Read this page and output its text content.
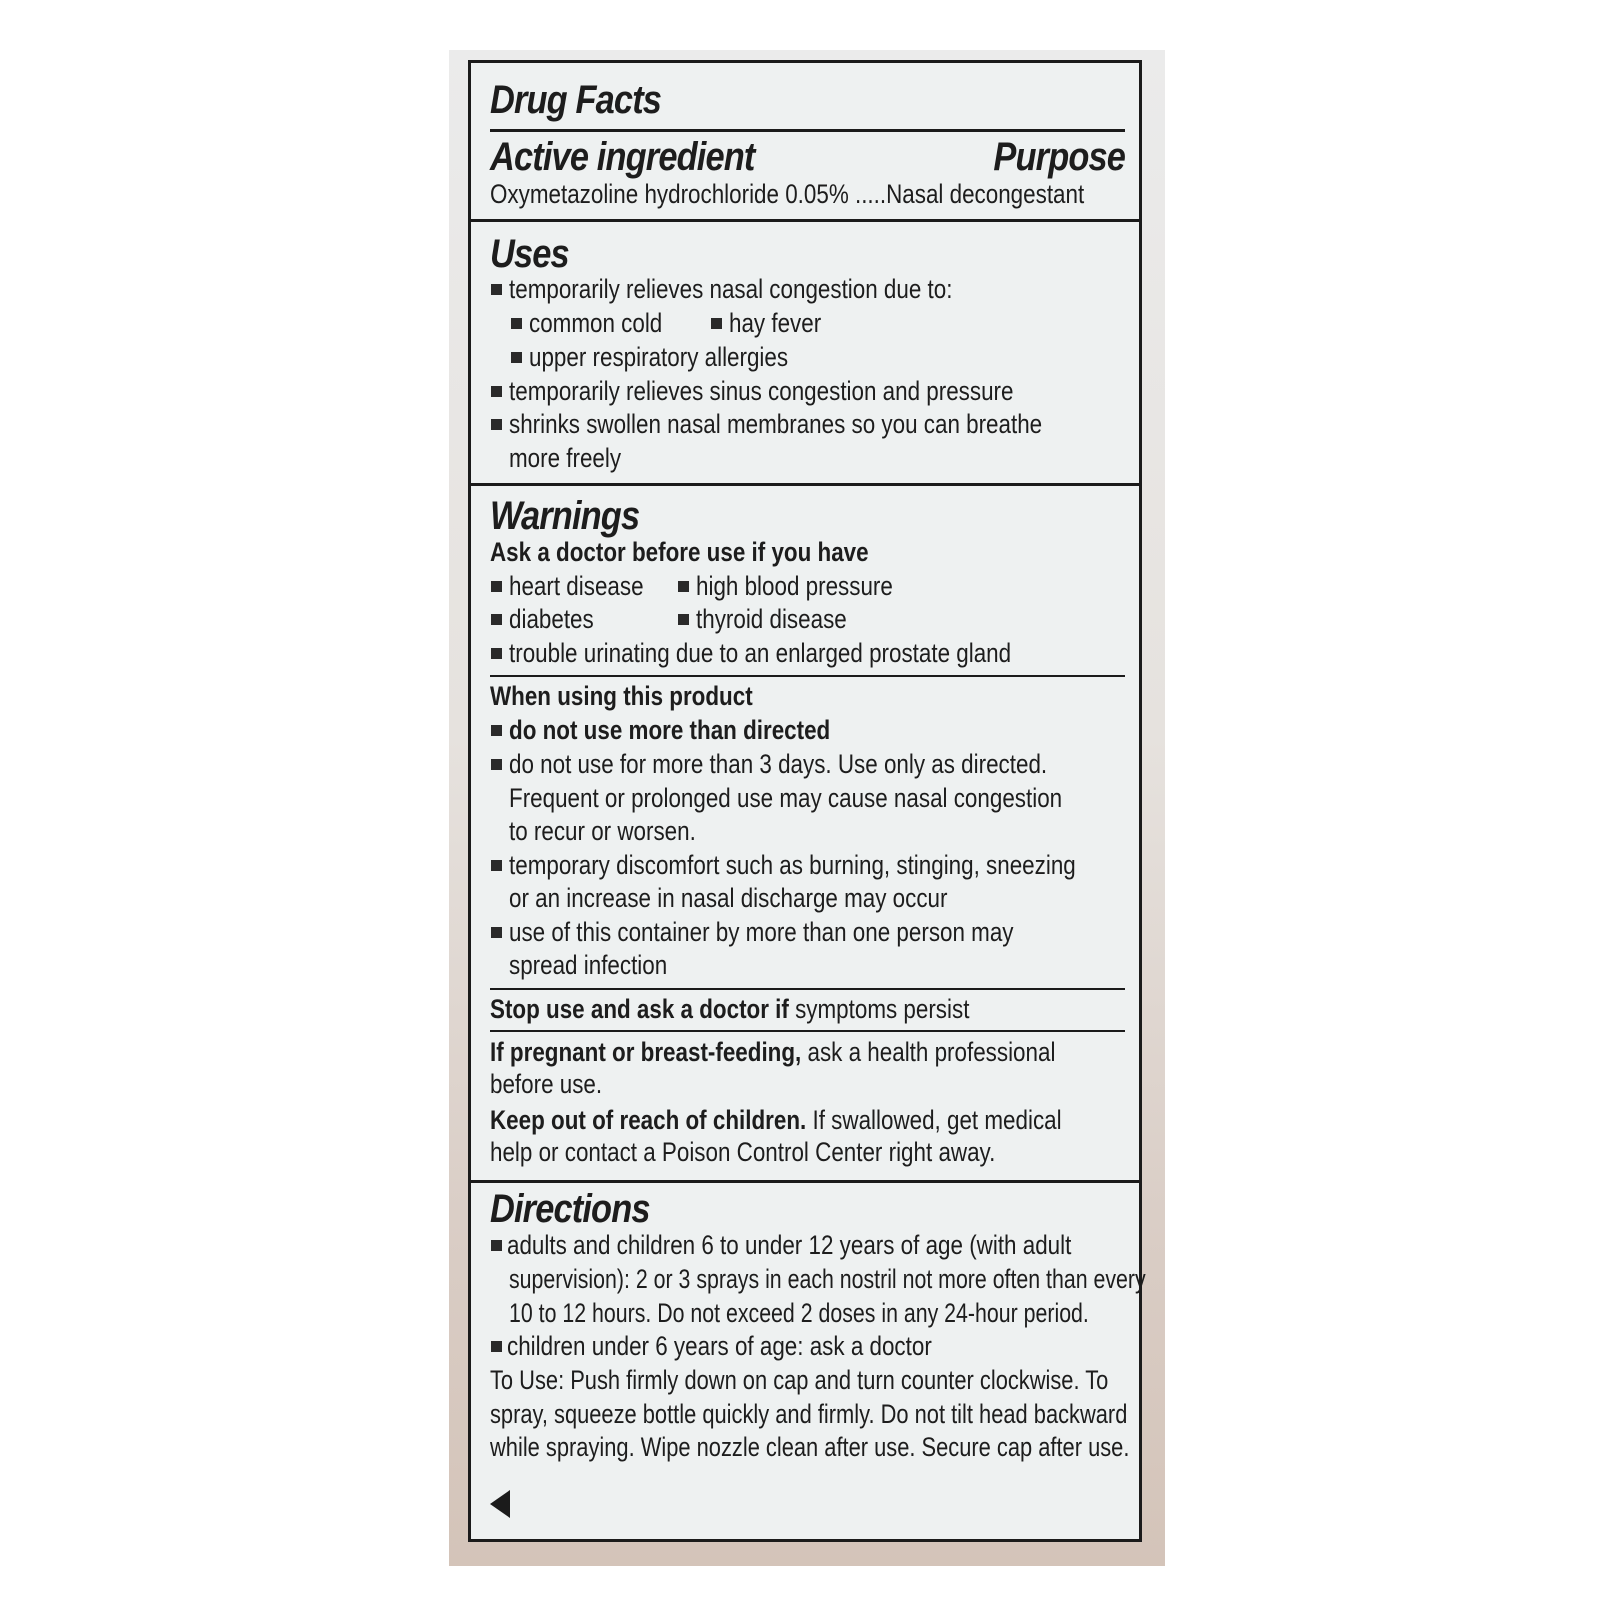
Drug Facts
Active ingredient	Purpose
Oxymetazoline hydrochloride 0.05% .....Nasal decongestant
Uses
temporarily relieves nasal congestion due to:
common cold hay fever
upper respiratory allergies
temporarily relieves sinus congestion and pressure
shrinks swollen nasal membranes so you can breathe
more freely
Warnings
Ask a doctor before use if you have
heart disease high blood pressure
diabetes	thyroid disease
trouble urinating due to an enlarged prostate gland
When using this product
do not use more than directed
do not use for more than 3 days. Use only as directed.
Frequent or prolonged use may cause nasal congestion
to recur or worsen.
temporary discomfort such as burning, stinging, sneezing
or an increase in nasal discharge may occur
use of this container by more than one person may
spread infection
Stop use and ask a doctor if symptoms persist
If pregnant or breast-feeding, ask a health professional
before use.
Keep out of reach of children. If swallowed, get medical
help or contact a Poison Control Center right away.
Directions
adults and children 6 to under 12 years of age (with adult
supervision): 2 or 3 sprays in each nostril not more often than every
10 to 12 hours. Do not exceed 2 doses in any 24-hour period.
children under 6 years of age: ask a doctor
To Use: Push firmly down on cap and turn counter clockwise. To
spray, squeeze bottle quickly and firmly. Do not tilt head backward
while spraying. Wipe nozzle clean after use. Secure cap after use.
